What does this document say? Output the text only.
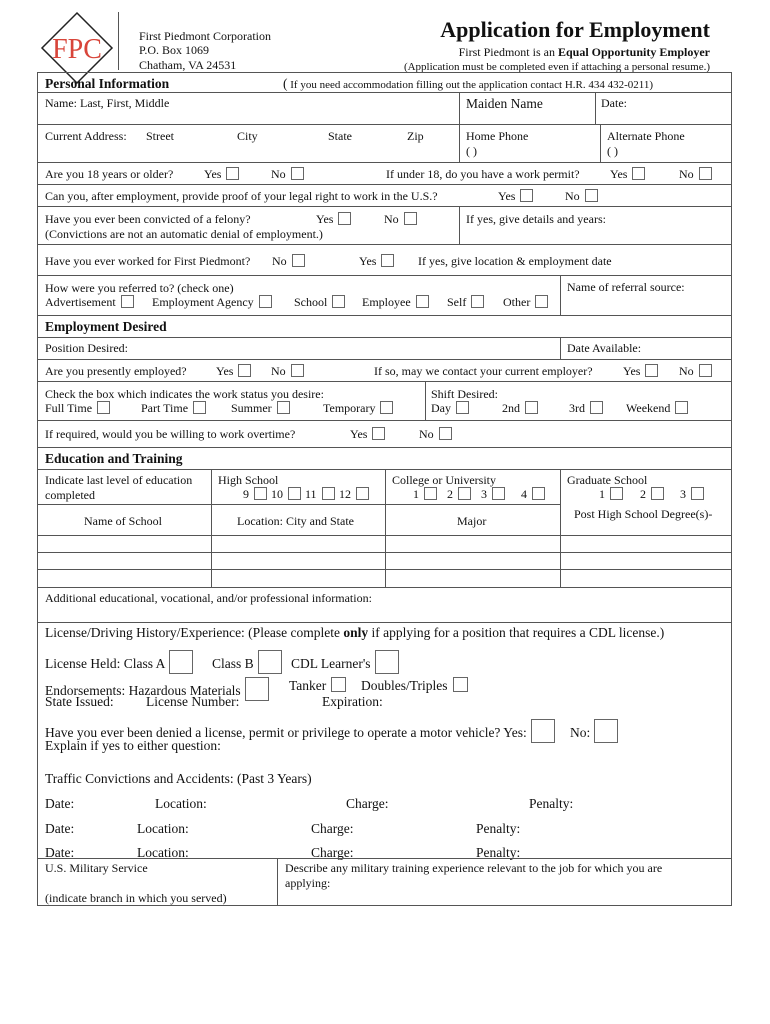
FPC	First Piedmont Corporation
P.O. Box 1069
Chatham, VA 24531
Application for Employment
First Piedmont is an Equal Opportunity Employer
(Application must be completed even if attaching a personal resume.)
Personal Information	( If you need accommodation filling out the application contact H.R. 434 432-0211)
Name: Last, First, Middle	Maiden Name	Date:
Current Address: Street	City	State	Zip	Home Phone
( )
Alternate Phone
( )
Are you 18 years or older?	Yes	No	If under 18, do you have a work permit?	Yes	No
Can you, after employment, provide proof of your legal right to work in the U.S.?	Yes	No
Have you ever been convicted of a felony?	Yes	No
(Convictions are not an automatic denial of employment.)
If yes, give details and years:
Have you ever worked for First Piedmont? No	Yes	If yes, give location & employment date
How were you referred to? (check one)
Advertisement	Employment Agency	School	Employee	Self	Other
Name of referral source:
Employment Desired
Position Desired:	Date Available:
Are you presently employed? Yes	No	If so, may we contact your current employer?	Yes	No
Check the box which indicates the work status you desire:
Full Time	Part Time	Summer	Temporary
Shift Desired:
Day	2nd	3rd	Weekend
If required, would you be willing to work overtime?	Yes	No
Education and Training
Indicate last level of education
completed
High School
9	10	11	12
College or University
1	2	3	4
Graduate School
1	2	3
Name of School	Location: City and State	Major	Post High School Degree(s)-
Additional educational, vocational, and/or professional information:
License/Driving History/Experience: (Please complete only if applying for a position that requires a CDL license.)
License Held: Class A	Class B	CDL Learner's
Endorsements: Hazardous Materials	Tanker	Doubles/Triples
State Issued: License Number:	Expiration:
Have you ever been denied a license, permit or privilege to operate a motor vehicle? Yes:	No:
Explain if yes to either question:
Traffic Convictions and Accidents: (Past 3 Years)
Date:	Location:	Charge:	Penalty:
Date:	Location:	Charge:	Penalty:
Date:	Location:	Charge:	Penalty:
U.S. Military Service
(indicate branch in which you served)
Describe any military training experience relevant to the job for which you are
applying:
